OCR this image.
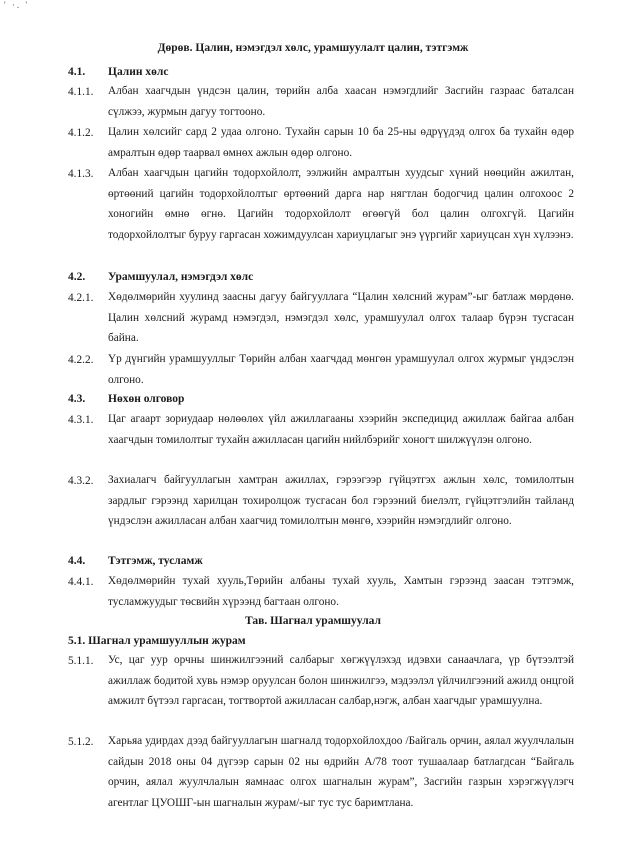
' ·. '
Дөрөв. Цалин, нэмэгдэл хөлс, урамшуулалт цалин, тэтгэмж
4.1. Цалин хөлс
4.1.1. Албан хаагчдын үндсэн цалин, төрийн алба хаасан нэмэгдлийг Засгийн газраас баталсан сүлжээ, журмын дагуу тогтооно.
4.1.2. Цалин хөлсийг сард 2 удаа олгоно. Тухайн сарын 10 ба 25-ны өдрүүдэд олгох ба тухайн өдөр амралтын өдөр таарвал өмнөх ажлын өдөр олгоно.
4.1.3. Албан хаагчдын цагийн тодорхойлолт, ээлжийн амралтын хуудсыг хүний нөөцийн ажилтан, өртөөний цагийн тодорхойлолтыг өртөөний дарга нар нягтлан бодогчид цалин олгохоос 2 хоногийн өмнө өгнө. Цагийн тодорхойлолт өгөөгүй бол цалин олгохгүй. Цагийн тодорхойлолтыг буруу гаргасан хожимдуулсан хариуцлагыг энэ үүргийг хариуцсан хүн хүлээнэ.
4.2. Урамшуулал, нэмэгдэл хөлс
4.2.1. Хөдөлмөрийн хуулинд заасны дагуу байгууллага “Цалин хөлсний журам”-ыг батлаж мөрдөнө. Цалин хөлсний журамд нэмэгдэл, нэмэгдэл хөлс, урамшуулал олгох талаар бүрэн тусгасан байна.
4.2.2. Үр дүнгийн урамшууллыг Төрийн албан хаагчдад мөнгөн урамшуулал олгох журмыг үндэслэн олгоно.
4.3. Нөхөн олговор
4.3.1. Цаг агаарт зориудаар нөлөөлөх үйл ажиллагааны хээрийн экспедицид ажиллаж байгаа албан хаагчдын томилолтыг тухайн ажилласан цагийн нийлбэрийг хоногт шилжүүлэн олгоно.
4.3.2. Захиалагч байгууллагын хамтран ажиллах, гэрээгээр гүйцэтгэх ажлын хөлс, томилолтын зардлыг гэрээнд харилцан тохиролцож тусгасан бол гэрээний биелэлт, гүйцэтгэлийн тайланд үндэслэн ажилласан албан хаагчид томилолтын мөнгө, хээрийн нэмэгдлийг олгоно.
4.4. Тэтгэмж, тусламж
4.4.1. Хөдөлмөрийн тухай хууль,Төрийн албаны тухай хууль, Хамтын гэрээнд заасан тэтгэмж, тусламжуудыг төсвийн хүрээнд багтаан олгоно.
Тав. Шагнал урамшуулал
5.1. Шагнал урамшууллын журам
5.1.1. Ус, цаг уур орчны шинжилгээний салбарыг хөгжүүлэхэд идэвхи санаачлага, үр бүтээлтэй ажиллаж бодитой хувь нэмэр оруулсан болон шинжилгээ, мэдээлэл үйлчилгээний ажилд онцгой амжилт бүтээл гаргасан, тогтвортой ажилласан салбар,нэгж, албан хаагчдыг урамшуулна.
5.1.2. Харьяа удирдах дээд байгууллагын шагналд тодорхойлохдоо /Байгаль орчин, аялал жуулчлалын сайдын 2018 оны 04 дүгээр сарын 02 ны өдрийн А/78 тоот тушаалаар батлагдсан “Байгаль орчин, аялал жуулчлалын яамнаас олгох шагналын журам”, Засгийн газрын хэрэгжүүлэгч агентлаг ЦУОШГ-ын шагналын журам/-ыг тус тус баримтлана.
